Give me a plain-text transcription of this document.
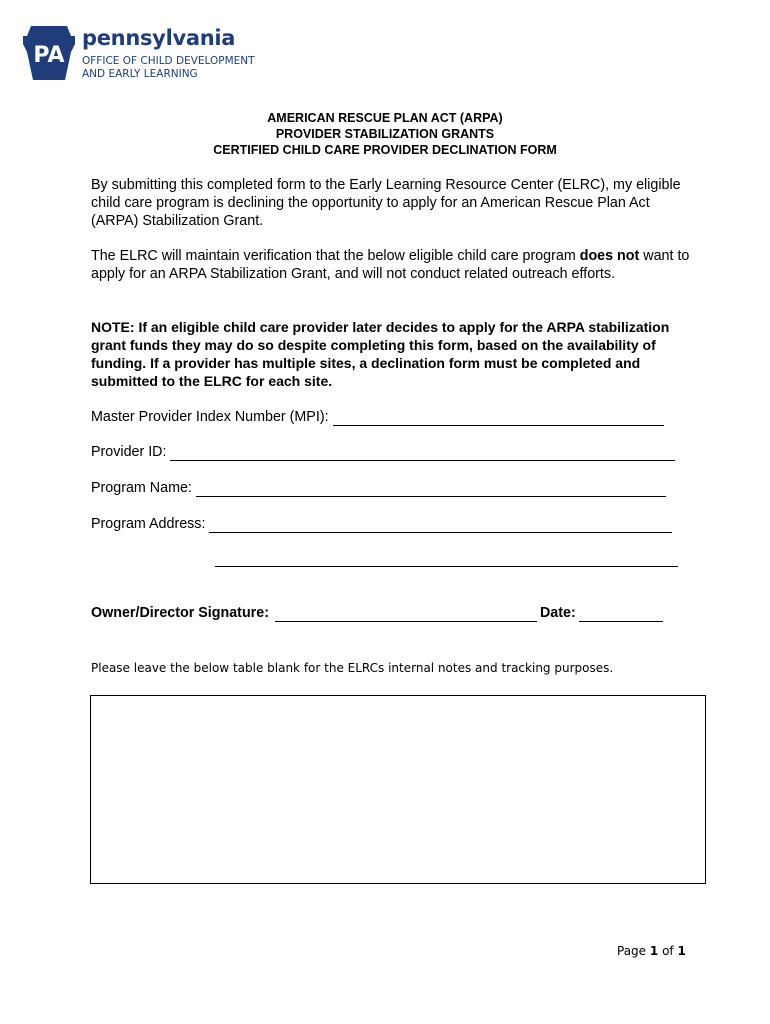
PA
pennsylvania
OFFICE OF CHILD DEVELOPMENT
AND EARLY LEARNING
AMERICAN RESCUE PLAN ACT (ARPA)
PROVIDER STABILIZATION GRANTS
CERTIFIED CHILD CARE PROVIDER DECLINATION FORM
By submitting this completed form to the Early Learning Resource Center (ELRC), my eligible child care program is declining the opportunity to apply for an American Rescue Plan Act (ARPA) Stabilization Grant.
The ELRC will maintain verification that the below eligible child care program does not want to apply for an ARPA Stabilization Grant, and will not conduct related outreach efforts.
NOTE: If an eligible child care provider later decides to apply for the ARPA stabilization grant funds they may do so despite completing this form, based on the availability of funding. If a provider has multiple sites, a declination form must be completed and submitted to the ELRC for each site.
Master Provider Index Number (MPI):
Provider ID:
Program Name:
Program Address:
Owner/Director Signature:	Date:
Please leave the below table blank for the ELRCs internal notes and tracking purposes.
Page 1 of 1
